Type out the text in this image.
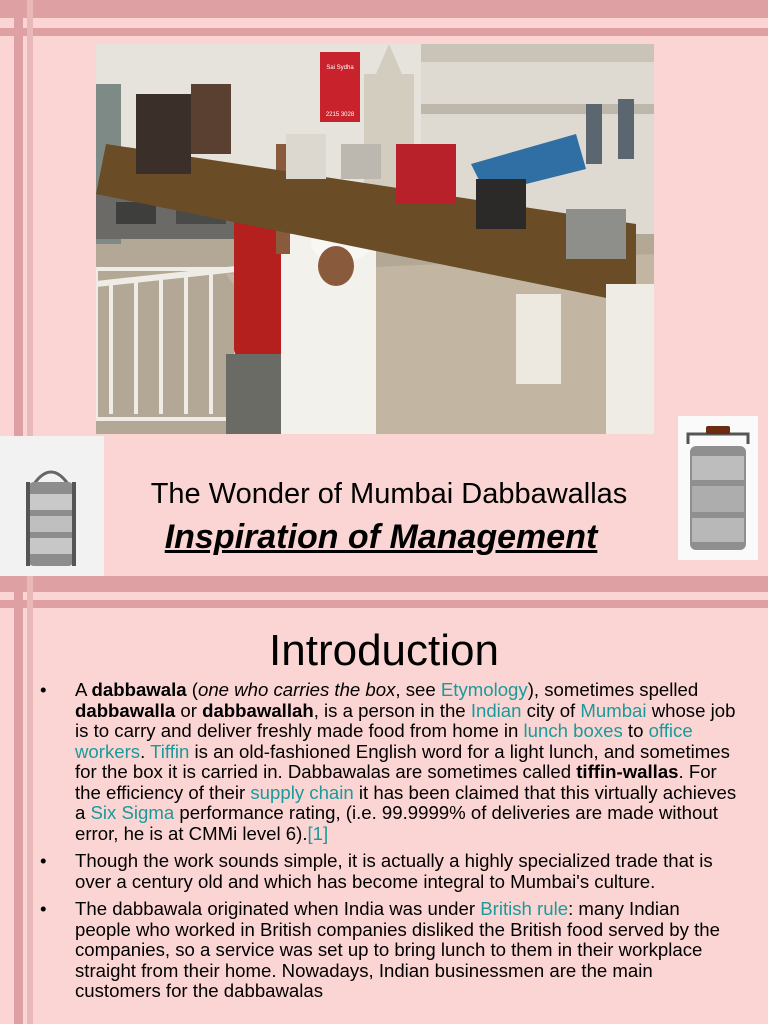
Sai Sydha
2215 3028
The Wonder of Mumbai Dabbawallas
Inspiration of Management
Introduction
• A dabbawala (one who carries the box, see Etymology), sometimes spelled dabbawalla or dabbawallah, is a person in the Indian city of Mumbai whose job is to carry and deliver freshly made food from home in lunch boxes to office workers. Tiffin is an old-fashioned English word for a light lunch, and sometimes for the box it is carried in. Dabbawalas are sometimes called tiffin-wallas. For the efficiency of their supply chain it has been claimed that this virtually achieves a Six Sigma performance rating, (i.e. 99.9999% of deliveries are made without error, he is at CMMi level 6).[1]
• Though the work sounds simple, it is actually a highly specialized trade that is over a century old and which has become integral to Mumbai's culture.
• The dabbawala originated when India was under British rule: many Indian people who worked in British companies disliked the British food served by the companies, so a service was set up to bring lunch to them in their workplace straight from their home. Nowadays, Indian businessmen are the main customers for the dabbawalas
